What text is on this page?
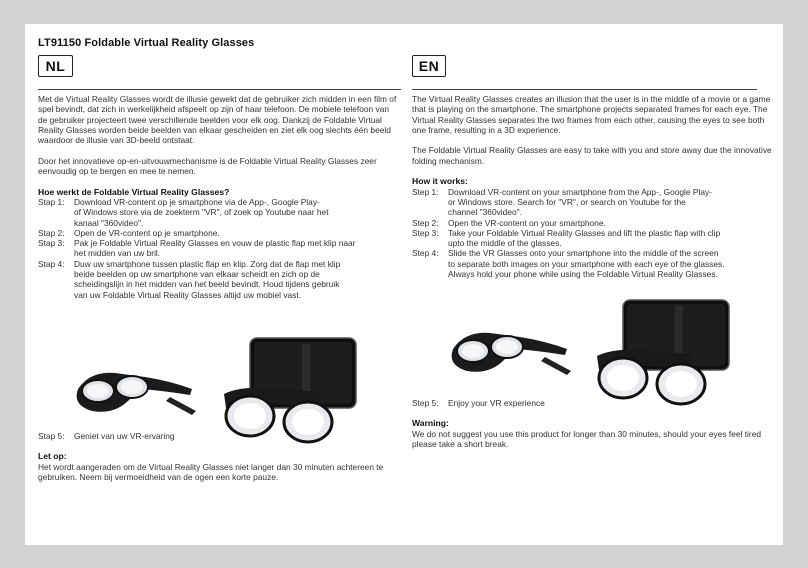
LT91150 Foldable Virtual Reality Glasses
NL

Met de Virtual Reality Glasses wordt de illusie gewekt dat de gebruiker zich midden in een film of spel bevindt, dat zich in werkelijkheid afspeelt op zijn of haar telefoon. De mobiele telefoon van de gebruiker projecteert twee verschillende beelden voor elk oog. Dankzij de Foldable Virtual Reality Glasses worden beide beelden van elkaar gescheiden en ziet elk oog slechts één beeld waardoor de illusie van 3D-beeld ontstaat.

Door het innovatieve op-en-uitvouwmechanisme is de Foldable Virtual Reality Glasses zeer eenvoudig op te bergen en mee te nemen.

Hoe werkt de Foldable Virtual Reality Glasses?
Stap 1:	Download VR-content op je smartphone via de App-, Google Play-
of Windows store via de zoekterm "VR", of zoek op Youtube naar het
kanaal "360video".
Stap 2:	Open de VR-content op je smartphone.
Stap 3:	Pak je Foldable Virtual Reality Glasses en vouw de plastic flap met klip naar
het midden van uw bril.
Stap 4:	Duw uw smartphone tussen plastic flap en klip. Zorg dat de flap met klip
beide beelden op uw smartphone van elkaar scheidt en zich op de
scheidingslijn in het midden van het beeld bevindt. Houd tijdens gebruik
van uw Foldable Virtual Reality Glasses altijd uw mobiel vast.
Stap 5:	Geniet van uw VR-ervaring
Let op:
Het wordt aangeraden om de Virtual Reality Glasses niet langer dan 30 minuten achtereen te gebruiken. Neem bij vermoeidheid van de ogen een korte pauze.
EN

The Virtual Reality Glasses creates an illusion that the user is in the middle of a movie or a game that is playing on the smartphone. The smartphone projects separated frames for each eye. The Virtual Reality Glasses separates the two frames from each other, causing the eyes to see both one frame, resulting in a 3D experience.

The Foldable Virtual Reality Glasses are easy to take with you and store away due the innovative folding mechanism.

How it works:
Step 1:	Download VR-content on your smartphone from the App-, Google Play-
or Windows store. Search for "VR", or search on Youtube for the
channel "360video".
Step 2:	Open the VR-content on your smartphone.
Step 3:	Take your Foldable Virtual Reality Glasses and lift the plastic flap with clip
upto the middle of the glasses.
Step 4:	Slide the VR Glasses onto your smartphone into the middle of the screen
to separate both images on your smartphone with each eye of the glasses.
Always hold your phone while using the Foldable Virtual Reality Glasses.
Step 5:	Enjoy your VR experience
Warning:
We do not suggest you use this product for longer than 30 minutes, should your eyes feel tired please take a short break.
